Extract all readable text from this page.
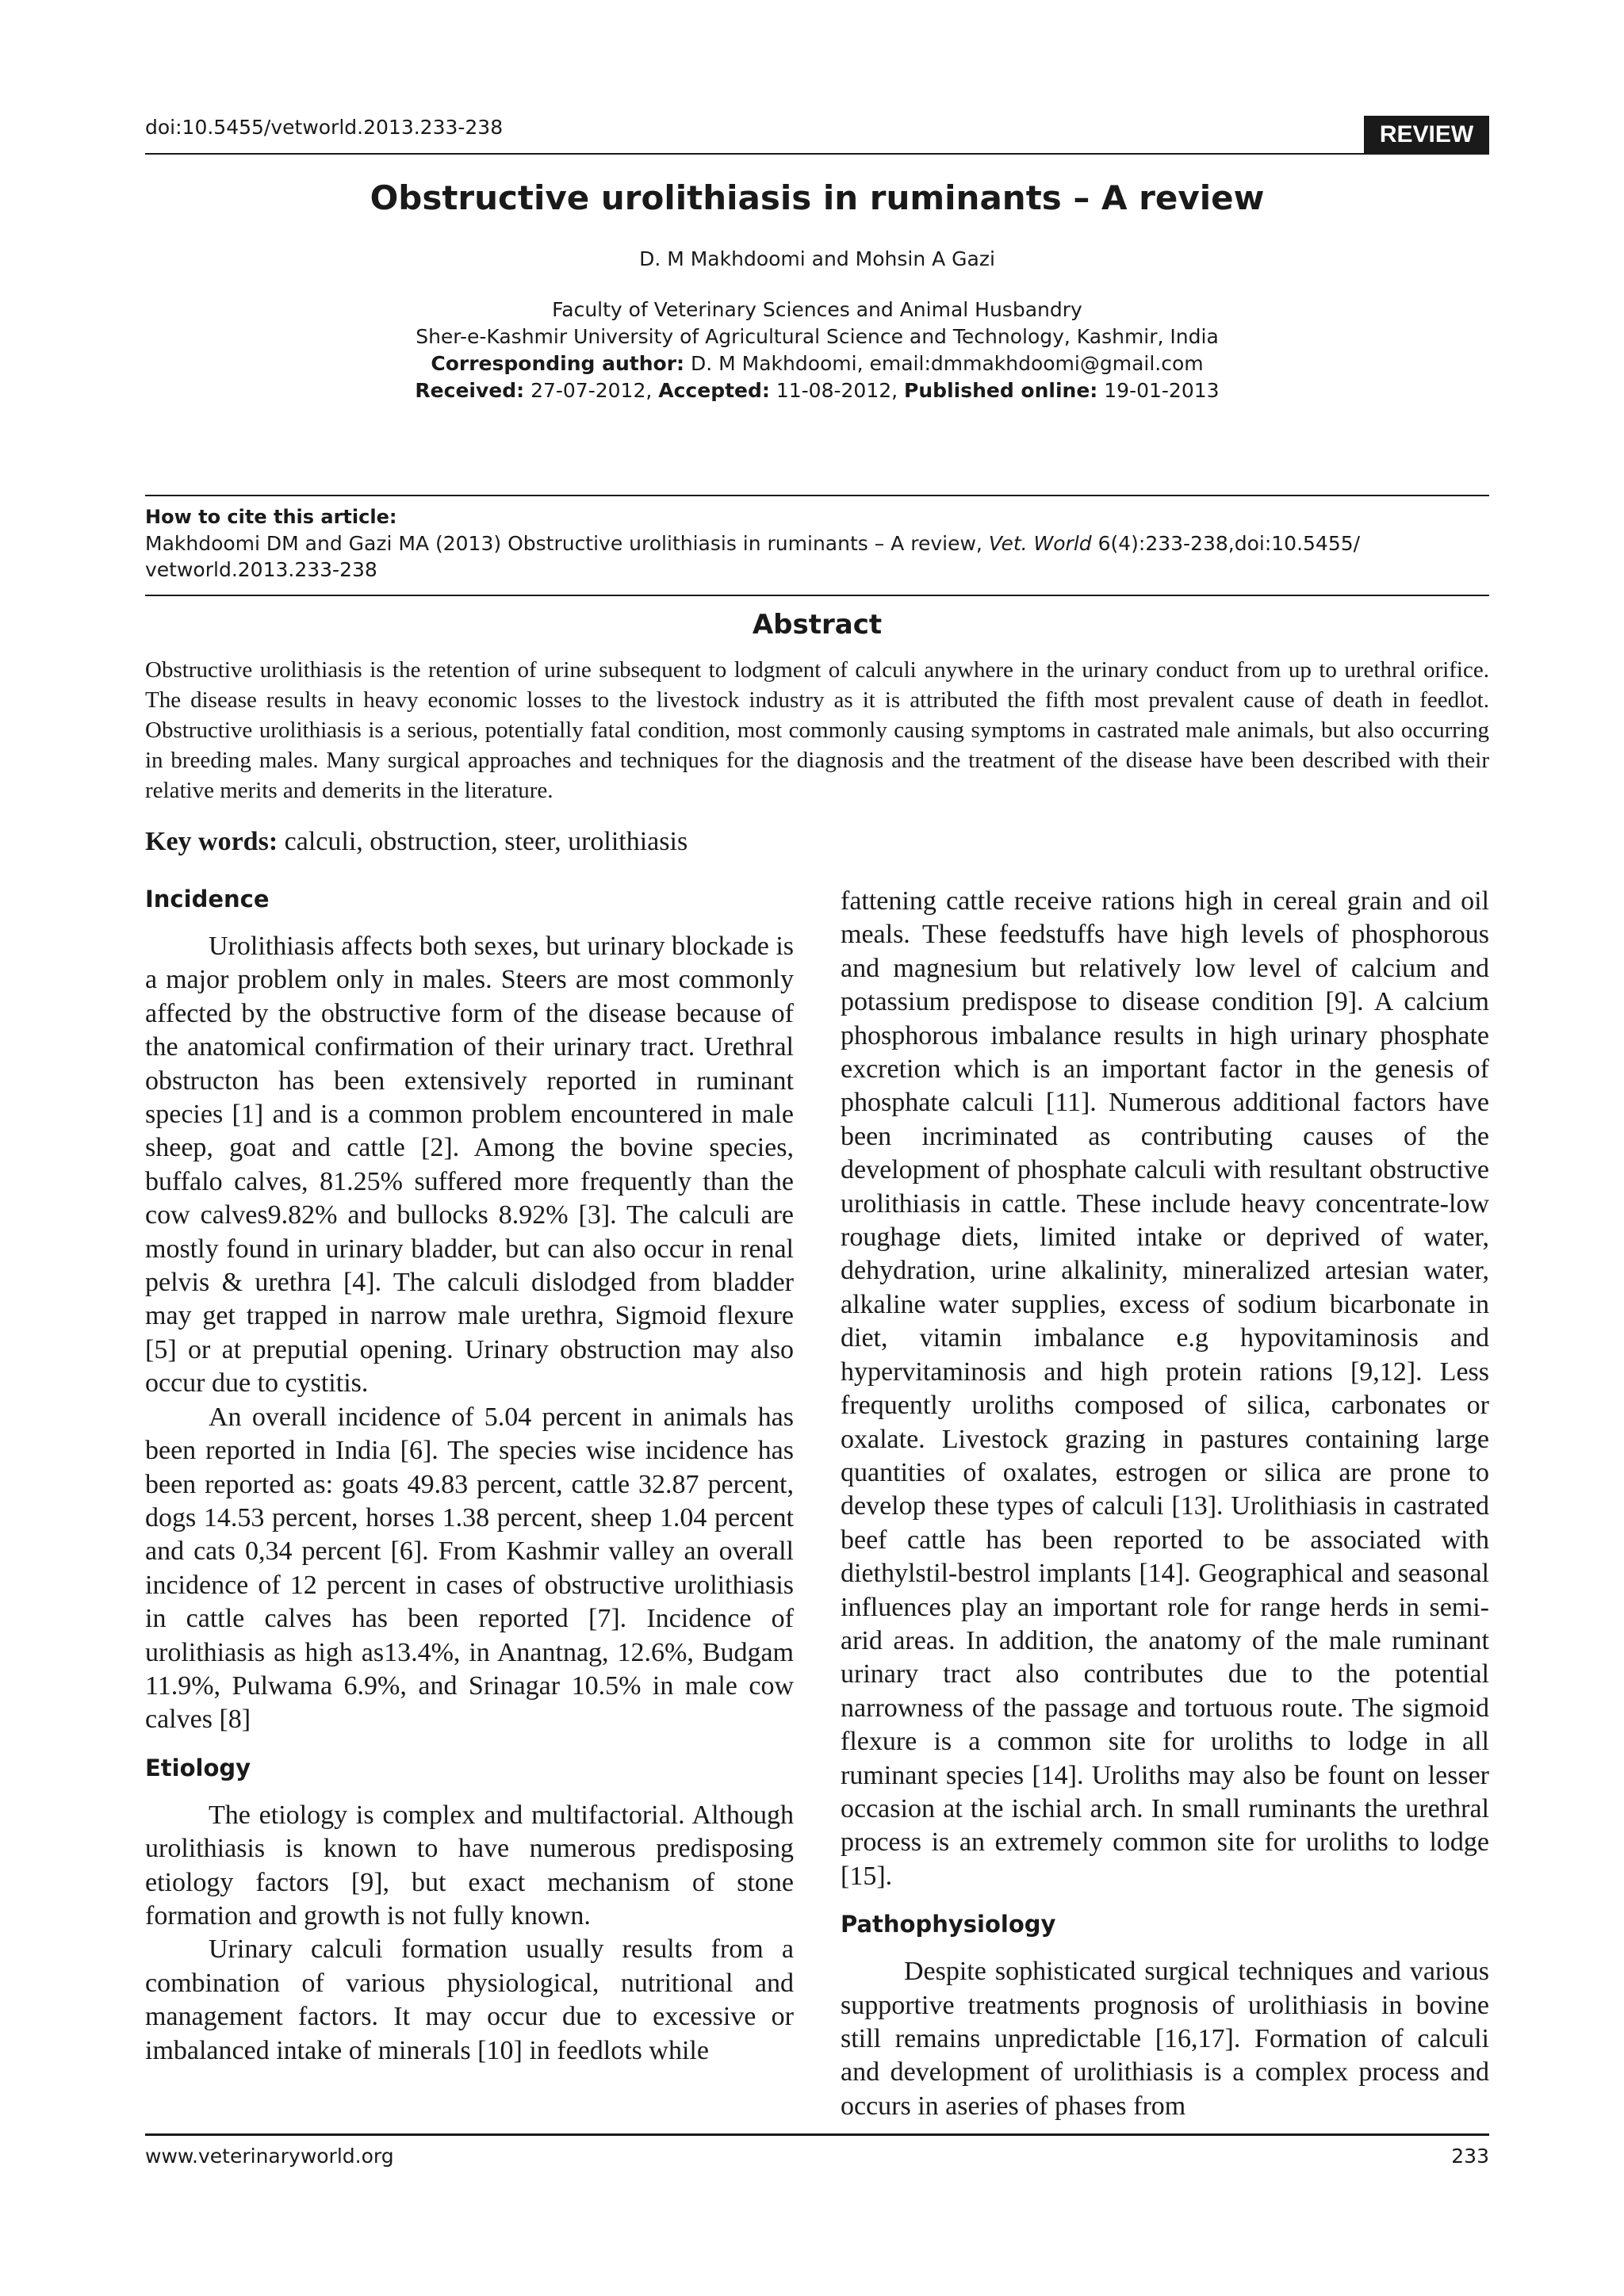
doi:10.5455/vetworld.2013.233-238	REVIEW
Obstructive urolithiasis in ruminants – A review
D. M Makhdoomi and Mohsin A Gazi
Faculty of Veterinary Sciences and Animal Husbandry
Sher-e-Kashmir University of Agricultural Science and Technology, Kashmir, India
Corresponding author: D. M Makhdoomi, email:dmmakhdoomi@gmail.com
Received: 27-07-2012, Accepted: 11-08-2012, Published online: 19-01-2013
How to cite this article:
Makhdoomi DM and Gazi MA (2013) Obstructive urolithiasis in ruminants – A review, Vet. World 6(4):233-238,doi:10.5455/
vetworld.2013.233-238
Abstract
Obstructive urolithiasis is the retention of urine subsequent to lodgment of calculi anywhere in the urinary conduct from up to urethral orifice. The disease results in heavy economic losses to the livestock industry as it is attributed the fifth most prevalent cause of death in feedlot. Obstructive urolithiasis is a serious, potentially fatal condition, most commonly causing symptoms in castrated male animals, but also occurring in breeding males. Many surgical approaches and techniques for the diagnosis and the treatment of the disease have been described with their relative merits and demerits in the literature.
Key words: calculi, obstruction, steer, urolithiasis
Incidence

Urolithiasis affects both sexes, but urinary blockade is a major problem only in males. Steers are most commonly affected by the obstructive form of the disease because of the anatomical confirmation of their urinary tract. Urethral obstructon has been extensively reported in ruminant species [1] and is a common problem encountered in male sheep, goat and cattle [2]. Among the bovine species, buffalo calves, 81.25% suffered more frequently than the cow calves9.82% and bullocks 8.92% [3]. The calculi are mostly found in urinary bladder, but can also occur in renal pelvis & urethra [4]. The calculi dislodged from bladder may get trapped in narrow male urethra, Sigmoid flexure [5] or at preputial opening. Urinary obstruction may also occur due to cystitis.

An overall incidence of 5.04 percent in animals has been reported in India [6]. The species wise incidence has been reported as: goats 49.83 percent, cattle 32.87 percent, dogs 14.53 percent, horses 1.38 percent, sheep 1.04 percent and cats 0,34 percent [6]. From Kashmir valley an overall incidence of 12 percent in cases of obstructive urolithiasis in cattle calves has been reported [7]. Incidence of urolithiasis as high as13.4%, in Anantnag, 12.6%, Budgam 11.9%, Pulwama 6.9%, and Srinagar 10.5% in male cow calves [8]

Etiology

The etiology is complex and multifactorial. Although urolithiasis is known to have numerous predisposing etiology factors [9], but exact mechanism of stone formation and growth is not fully known.

Urinary calculi formation usually results from a combination of various physiological, nutritional and management factors. It may occur due to excessive or imbalanced intake of minerals [10] in feedlots while

fattening cattle receive rations high in cereal grain and oil meals. These feedstuffs have high levels of phosphorous and magnesium but relatively low level of calcium and potassium predispose to disease condition [9]. A calcium phosphorous imbalance results in high urinary phosphate excretion which is an important factor in the genesis of phosphate calculi [11]. Numerous additional factors have been incriminated as contributing causes of the development of phosphate calculi with resultant obstructive urolithiasis in cattle. These include heavy concentrate-low roughage diets, limited intake or deprived of water, dehydration, urine alkalinity, mineralized artesian water, alkaline water supplies, excess of sodium bicarbonate in diet, vitamin imbalance e.g hypovitaminosis and hypervitaminosis and high protein rations [9,12]. Less frequently uroliths composed of silica, carbonates or oxalate. Livestock grazing in pastures containing large quantities of oxalates, estrogen or silica are prone to develop these types of calculi [13]. Urolithiasis in castrated beef cattle has been reported to be associated with diethylstil-bestrol implants [14]. Geographical and seasonal influences play an important role for range herds in semi-arid areas. In addition, the anatomy of the male ruminant urinary tract also contributes due to the potential narrowness of the passage and tortuous route. The sigmoid flexure is a common site for uroliths to lodge in all ruminant species [14]. Uroliths may also be fount on lesser occasion at the ischial arch. In small ruminants the urethral process is an extremely common site for uroliths to lodge [15].

Pathophysiology

Despite sophisticated surgical techniques and various supportive treatments prognosis of urolithiasis in bovine still remains unpredictable [16,17]. Formation of calculi and development of urolithiasis is a complex process and occurs in aseries of phases from

www.veterinaryworld.org	233
